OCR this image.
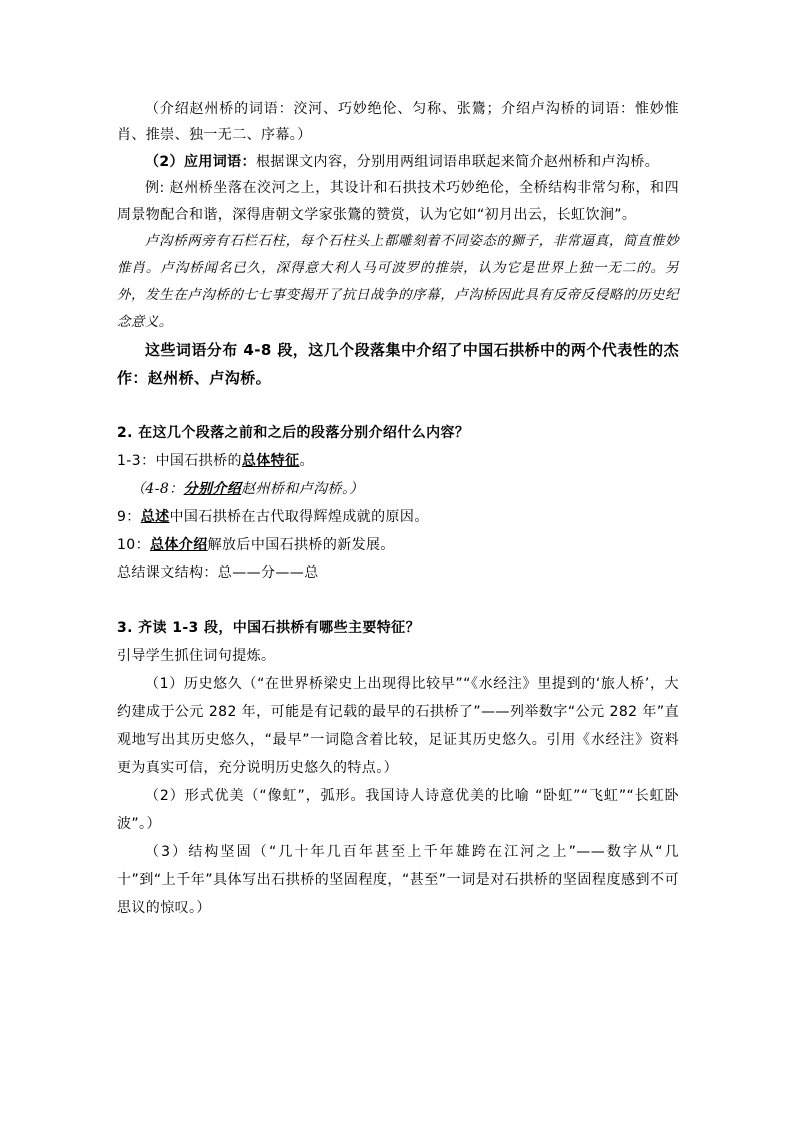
（介绍赵州桥的词语：洨河、巧妙绝伦、匀称、张鷟；介绍卢沟桥的词语：惟妙惟肖、推崇、独一无二、序幕。）

（2）应用词语：根据课文内容，分别用两组词语串联起来简介赵州桥和卢沟桥。

例: 赵州桥坐落在洨河之上，其设计和石拱技术巧妙绝伦，全桥结构非常匀称，和四周景物配合和谐，深得唐朝文学家张鷟的赞赏，认为它如“初月出云，长虹饮涧”。

卢沟桥两旁有石栏石柱，每个石柱头上都雕刻着不同姿态的狮子，非常逼真，简直惟妙惟肖。卢沟桥闻名已久，深得意大利人马可波罗的推崇，认为它是世界上独一无二的。另外，发生在卢沟桥的七七事变揭开了抗日战争的序幕，卢沟桥因此具有反帝反侵略的历史纪念意义。

这些词语分布 4-8 段，这几个段落集中介绍了中国石拱桥中的两个代表性的杰作：赵州桥、卢沟桥。

2. 在这几个段落之前和之后的段落分别介绍什么内容？

1-3：中国石拱桥的总体特征。

（4-8：分别介绍赵州桥和卢沟桥。）

9：总述中国石拱桥在古代取得辉煌成就的原因。

10：总体介绍解放后中国石拱桥的新发展。

总结课文结构：总——分——总

3. 齐读 1-3 段，中国石拱桥有哪些主要特征？

引导学生抓住词句提炼。

（1）历史悠久（“在世界桥梁史上出现得比较早”“《水经注》里提到的‘旅人桥’，大约建成于公元 282 年，可能是有记载的最早的石拱桥了”——列举数字“公元 282 年”直观地写出其历史悠久，“最早”一词隐含着比较，足证其历史悠久。引用《水经注》资料更为真实可信，充分说明历史悠久的特点。）

（2）形式优美（“像虹”，弧形。我国诗人诗意优美的比喻 “卧虹”“飞虹”“长虹卧波”。）

（3）结构坚固（“几十年几百年甚至上千年雄跨在江河之上”——数字从“几十”到“上千年”具体写出石拱桥的坚固程度，“甚至”一词是对石拱桥的坚固程度感到不可思议的惊叹。）
